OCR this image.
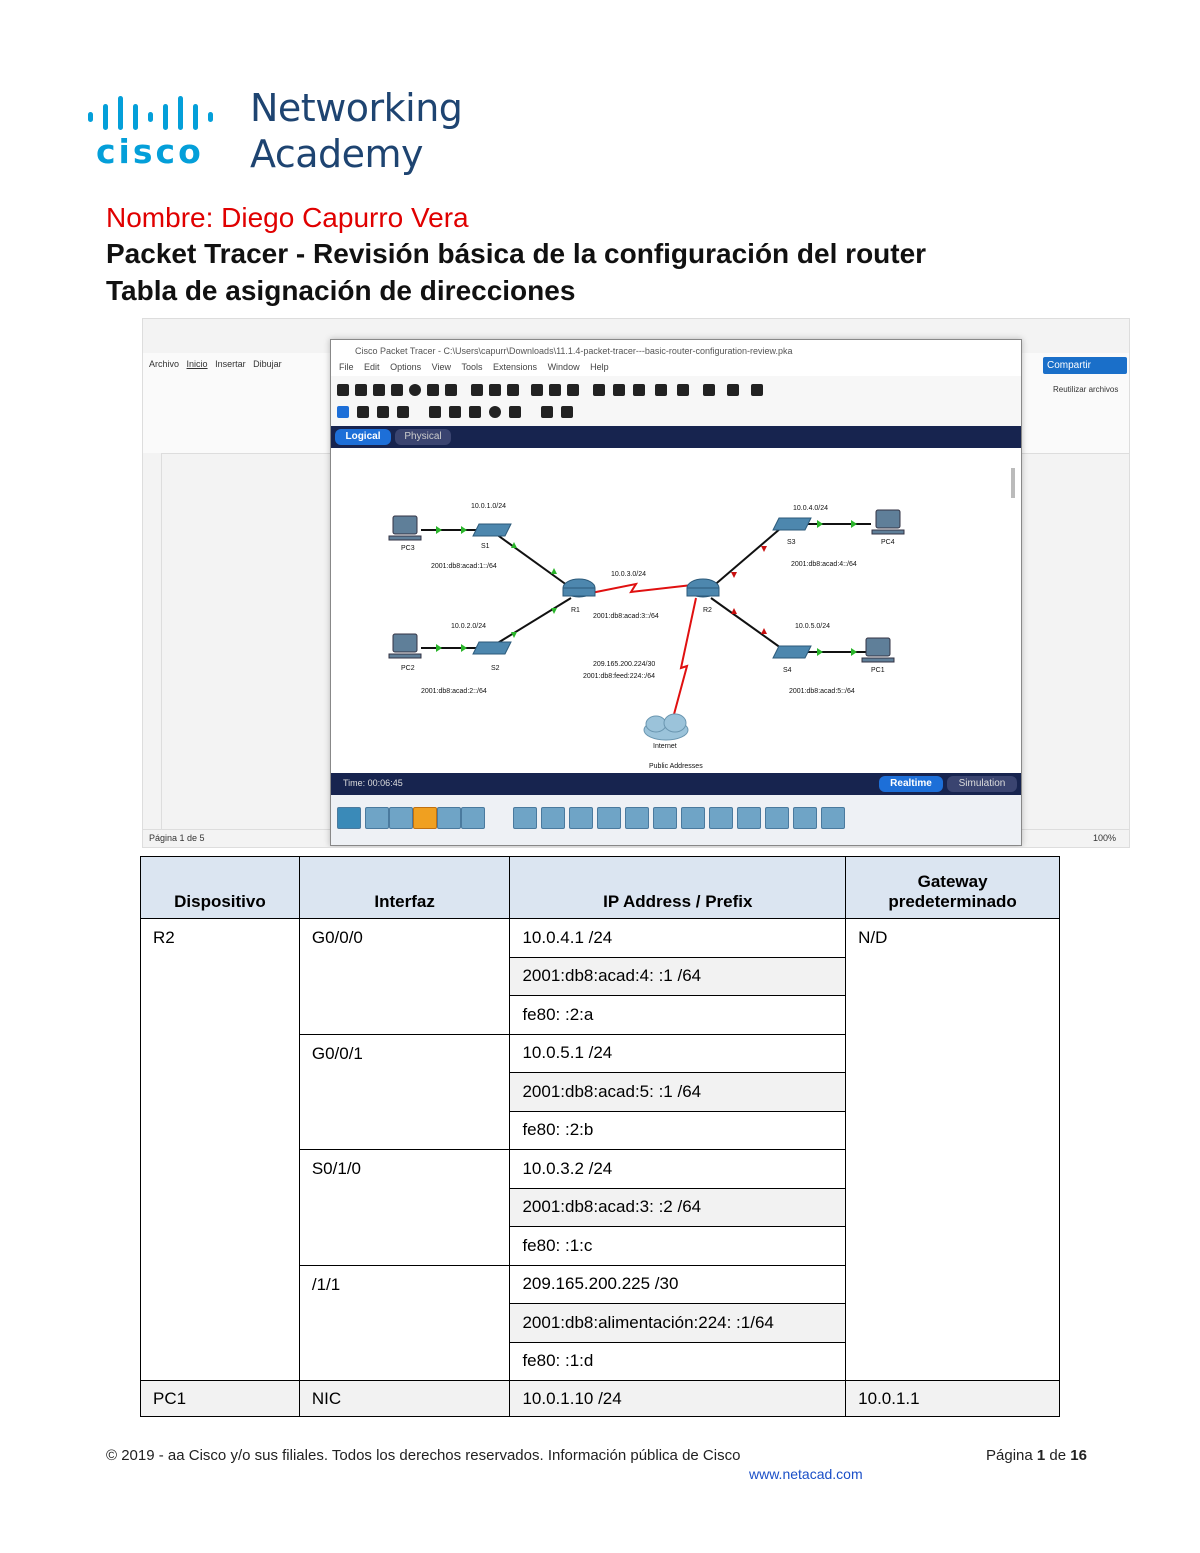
cisco
Networking
Academy
Nombre: Diego Capurro Vera
Packet Tracer - Revisión básica de la configuración del router
Tabla de asignación de direcciones
Archivo Inicio Insertar Dibujar	Compartir
Reutilizar archivos
Página 1 de 5	100%
Cisco Packet Tracer - C:\Users\capurr\Downloads\11.1.4-packet-tracer---basic-router-configuration-review.pka
File Edit Options View Tools Extensions Window Help
Logical	Physical
10.0.1.0/24
2001:db8:acad:1::/64
10.0.2.0/24
2001:db8:acad:2::/64
10.0.3.0/24
2001:db8:acad:3::/64
10.0.4.0/24
2001:db8:acad:4::/64
10.0.5.0/24
2001:db8:acad:5::/64
209.165.200.224/30
2001:db8:feed:224::/64
Internet
Public Addresses
R1	R2
PC3
PC2
PC4
PC1
S1
S2
S3
S4
Time: 00:06:45	Realtime	Simulation
Dispositivo	Interfaz	IP Address / Prefix	Gateway predeterminado
R2	G0/0/0	10.0.4.1 /24	N/D
		2001:db8:acad:4: :1 /64	
		fe80: :2:a	
	G0/0/1	10.0.5.1 /24	
		2001:db8:acad:5: :1 /64	
		fe80: :2:b	
	S0/1/0	10.0.3.2 /24	
		2001:db8:acad:3: :2 /64	
		fe80: :1:c	
	/1/1	209.165.200.225 /30	
		2001:db8:alimentación:224: :1/64	
		fe80: :1:d	
PC1	NIC	10.0.1.10 /24	10.0.1.1
© 2019 - aa Cisco y/o sus filiales. Todos los derechos reservados. Información pública de Cisco	Página 1 de 16
www.netacad.com
